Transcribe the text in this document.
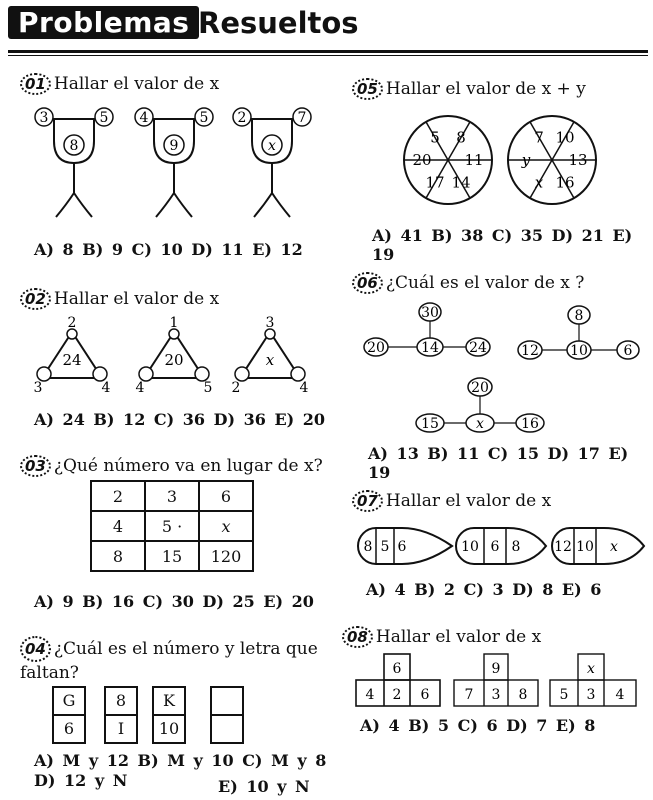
Problemas Resueltos
01 Hallar el valor de x
3	5
8
4	5
9
2	7
x
A) 8 B) 9 C) 10 D) 11 E) 12
02 Hallar el valor de x
2
3	4
24
1
4	5
20
3
2	4
x
A) 24 B) 12 C) 36 D) 36 E) 20
03 ¿Qué número va en lugar de x?
2	3	6
4	5 ·	x
8	15	120
A) 9 B) 16 C) 30 D) 25 E) 20
04 ¿Cuál es el número y letra que faltan?
G
6
8
I
K
10
A) M y 12 B) M y 10 C) M y 8
D) 12 y N	E) 10 y N
05 Hallar el valor de x + y
8
11
14
17
20
5	10
13
16
x
y
7
A) 41 B) 38 C) 35 D) 21 E) 19
06 ¿Cuál es el valor de x ?
30
20	14 24
8
12 10	6
20
15	x	16
A) 13 B) 11 C) 15 D) 17 E) 19
07 Hallar el valor de x
8 5 6	10 6 8 12 10 x
A) 4 B) 2 C) 3 D) 8 E) 6
08 Hallar el valor de x
6
4 2 6
9
7 3 8
x
5 3 4
A) 4 B) 5 C) 6 D) 7 E) 8
